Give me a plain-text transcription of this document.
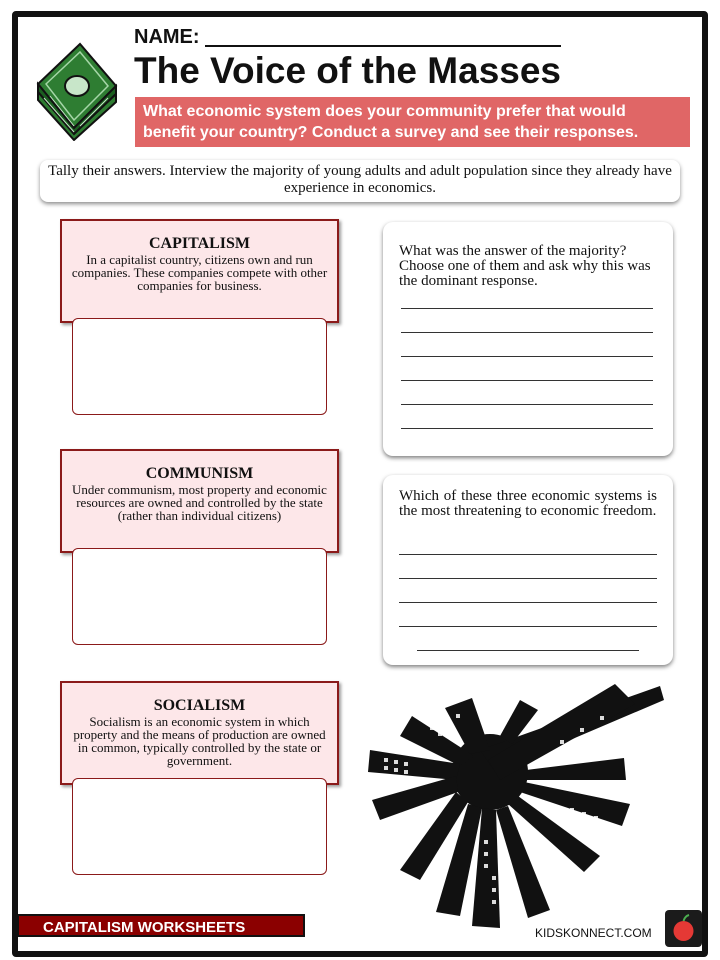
NAME:
The Voice of the Masses
What economic system does your community prefer that would benefit your country? Conduct a survey and see their responses.
Tally their answers. Interview the majority of young adults and adult population since they already have experience in economics.
CAPITALISM
In a capitalist country, citizens own and run companies. These companies compete with other companies for business.
COMMUNISM
Under communism, most property and economic resources are owned and controlled by the state (rather than individual citizens)
SOCIALISM
Socialism is an economic system in which property and the means of production are owned in common, typically controlled by the state or government.
What was the answer of the majority? Choose one of them and ask why this was the dominant response.
Which of these three economic systems is the most threatening to economic freedom.
CAPITALISM WORKSHEETS	KIDSKONNECT.COM
